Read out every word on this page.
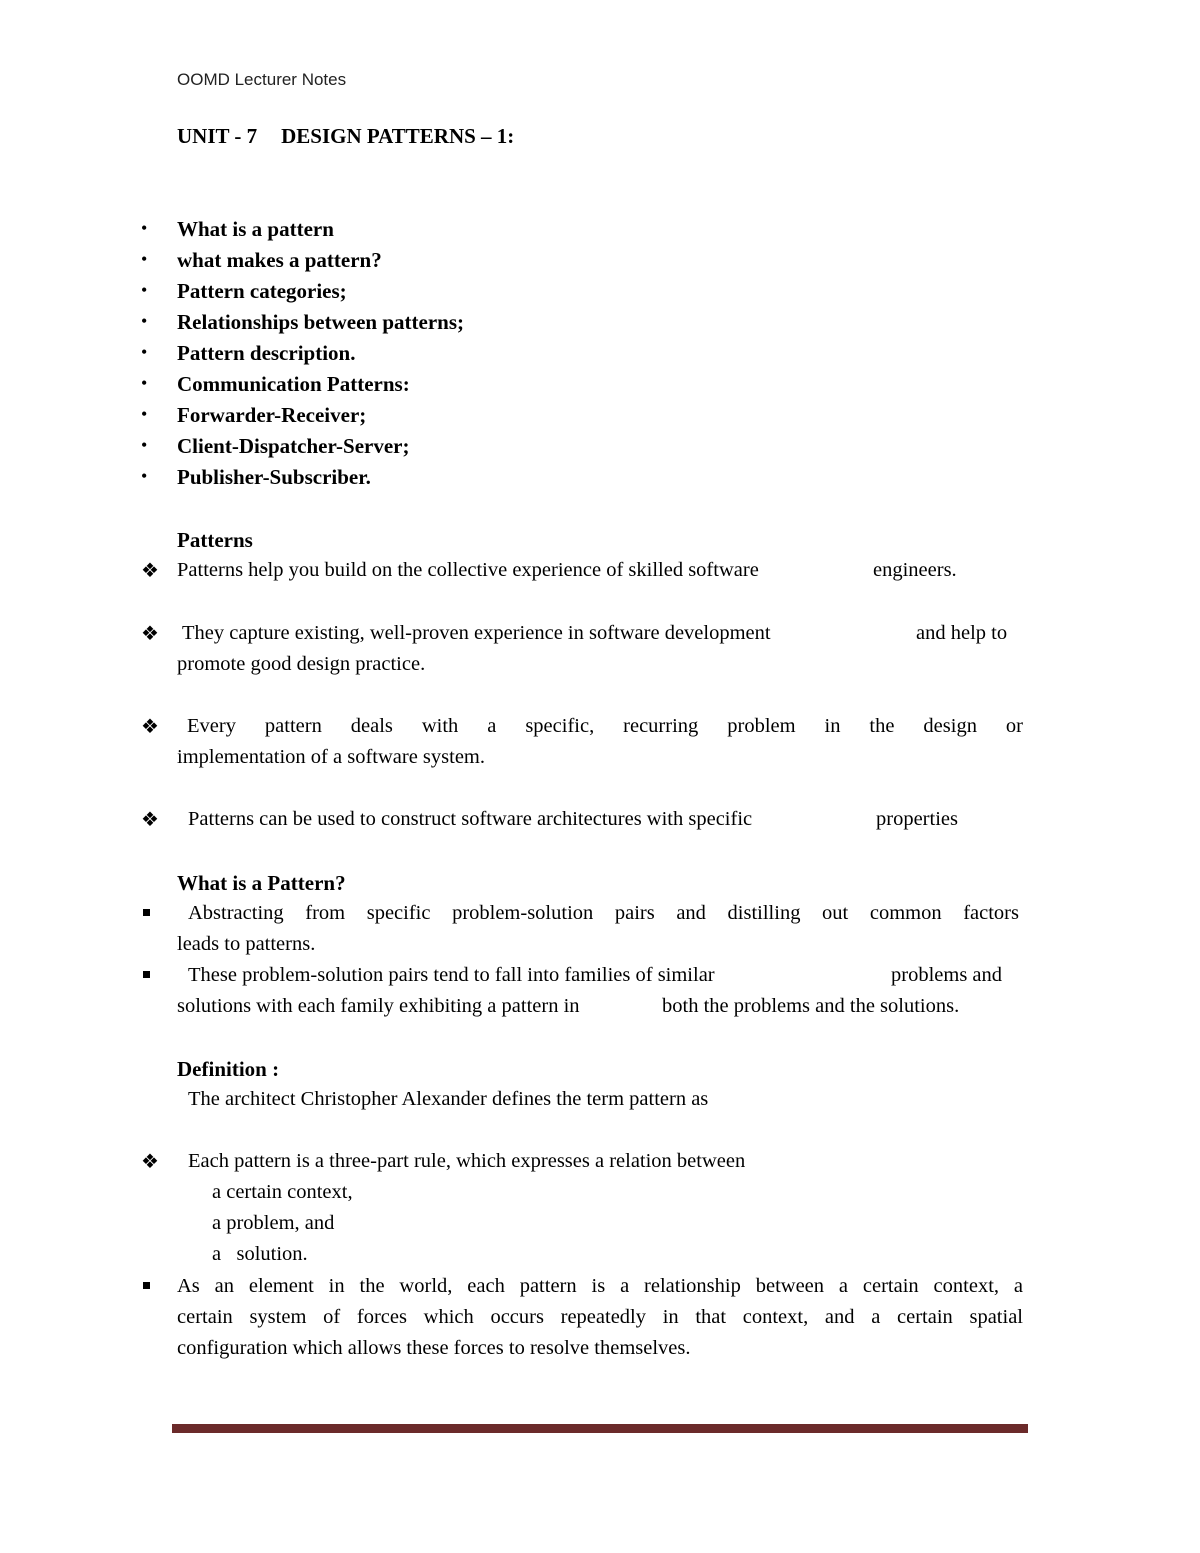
OOMD Lecturer Notes
UNIT - 7 DESIGN PATTERNS – 1:
• What is a pattern
• what makes a pattern?
• Pattern categories;
• Relationships between patterns;
• Pattern description.
• Communication Patterns:
• Forwarder-Receiver;
• Client-Dispatcher-Server;
• Publisher-Subscriber.
Patterns
❖ Patterns help you build on the collective experience of skilled software	engineers.
❖ They capture existing, well-proven experience in software development	and help to
promote good design practice.
❖ Every pattern deals with a specific, recurring problem in the design or
implementation of a software system.
❖ Patterns can be used to construct software architectures with specific	properties
What is a Pattern?
Abstracting from specific problem-solution pairs and distilling out common factors
leads to patterns.
These problem-solution pairs tend to fall into families of similar	problems and
solutions with each family exhibiting a pattern in	both the problems and the solutions.
Definition :
The architect Christopher Alexander defines the term pattern as
❖ Each pattern is a three-part rule, which expresses a relation between
a certain context,
a problem, and
a   solution.
As an element in the world, each pattern is a relationship between a certain context, a
certain system of forces which occurs repeatedly in that context, and a certain spatial
configuration which allows these forces to resolve themselves.
